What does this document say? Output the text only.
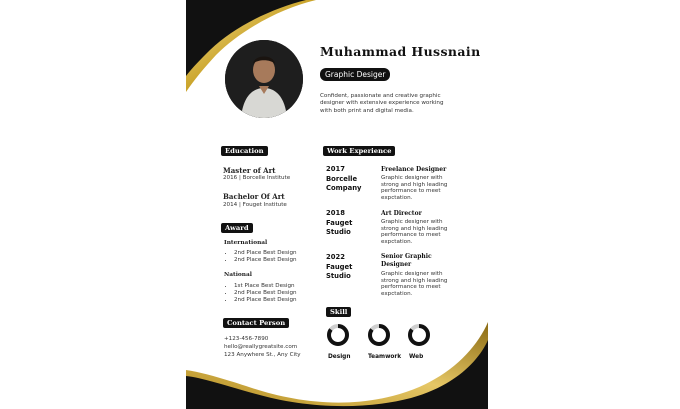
Muhammad Hussnain
Graphic Desiger
Confident, passionate and creative graphic designer with extensive experience working with both print and digital media.
Education
Master of Art
2016 | Borcelle Institute
Bachelor Of Art
2014 | Fouget Institute
Award
International
• 2nd Place Best Design
• 2nd Place Best Design
National
• 1st Place Best Design
• 2nd Place Best Design
• 2nd Place Best Design
Contact Person
+123-456-7890
hello@reallygreatsite.com
123 Anywhere St., Any City
Work Experience
2017
Borcelle Company
Freelance Designer
Graphic designer with strong and high leading performance to meet expctation.
2018
Fauget Studio
Art Director
Graphic designer with strong and high leading performance to meet expctation.
2022
Fauget Studio
Senior Graphic Designer
Graphic designer with strong and high leading performance to meet expctation.
Skill
Design	Teamwork Web
